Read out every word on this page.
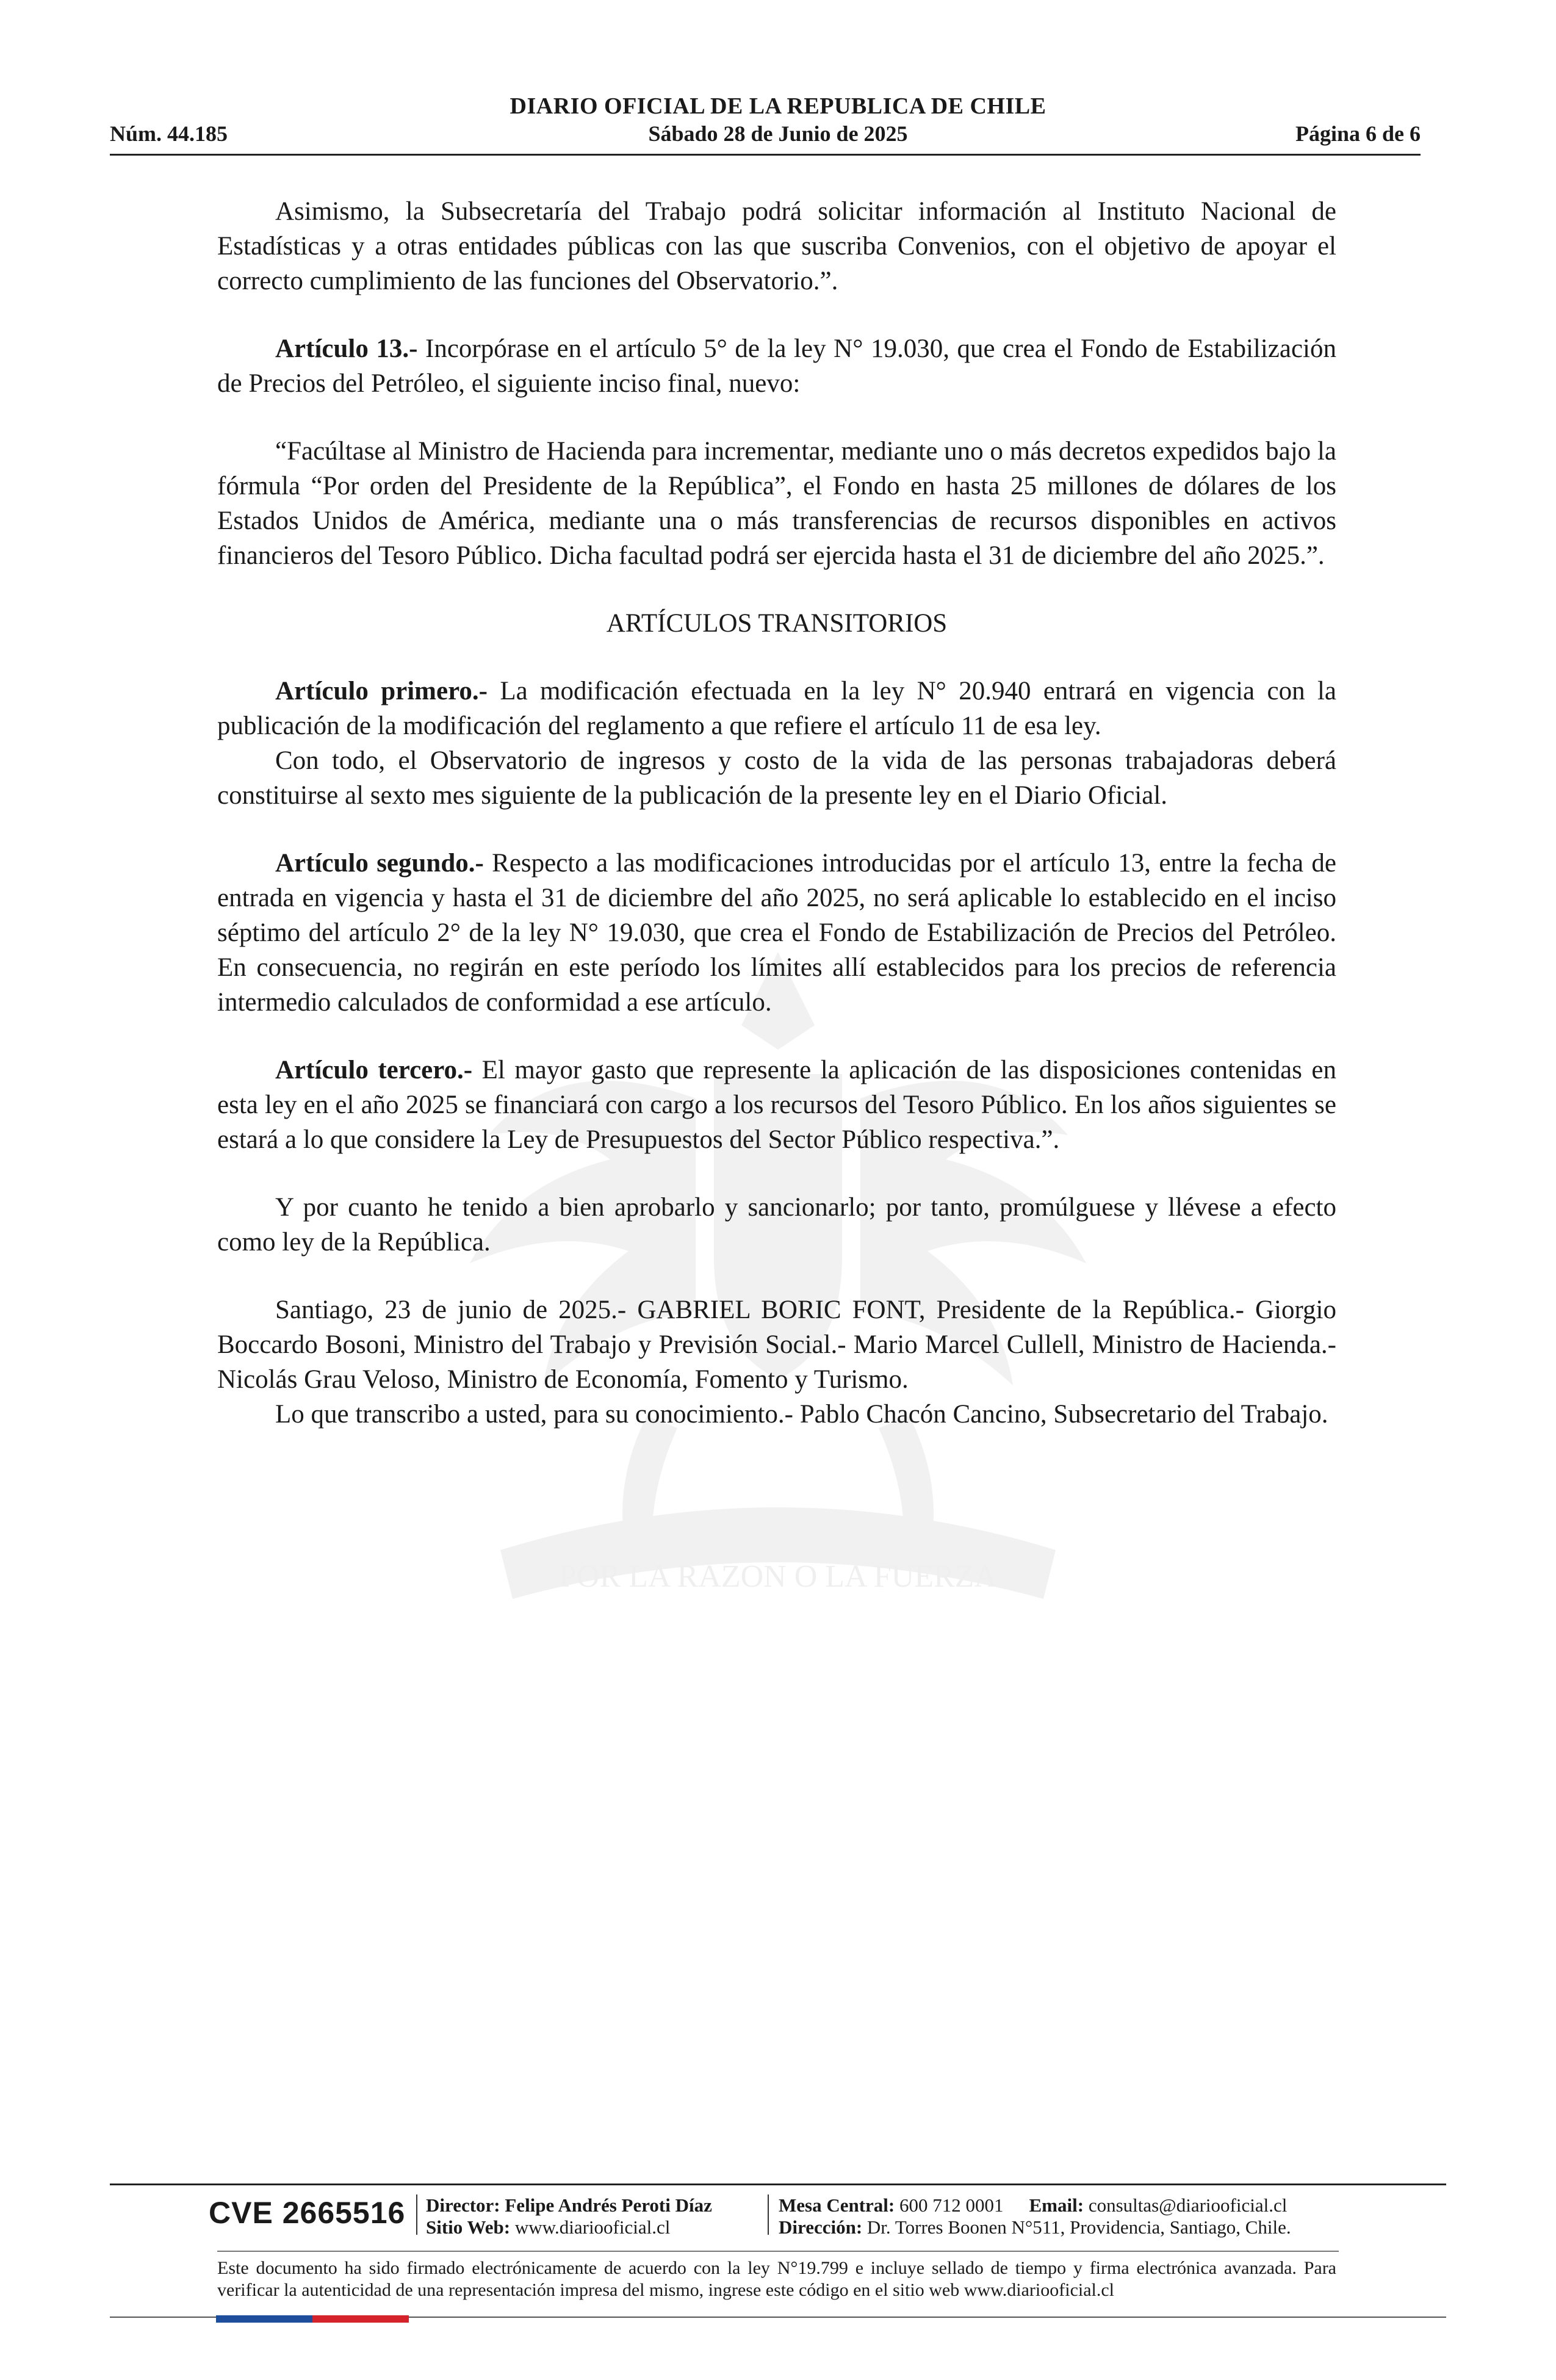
POR LA RAZON O LA FUERZA
DIARIO OFICIAL DE LA REPUBLICA DE CHILE
Núm. 44.185	Sábado 28 de Junio de 2025	Página 6 de 6

Asimismo, la Subsecretaría del Trabajo podrá solicitar información al Instituto Nacional de Estadísticas y a otras entidades públicas con las que suscriba Convenios, con el objetivo de apoyar el correcto cumplimiento de las funciones del Observatorio.”.

Artículo 13.- Incorpórase en el artículo 5° de la ley N° 19.030, que crea el Fondo de Estabilización de Precios del Petróleo, el siguiente inciso final, nuevo:

“Facúltase al Ministro de Hacienda para incrementar, mediante uno o más decretos expedidos bajo la fórmula “Por orden del Presidente de la República”, el Fondo en hasta 25 millones de dólares de los Estados Unidos de América, mediante una o más transferencias de recursos disponibles en activos financieros del Tesoro Público. Dicha facultad podrá ser ejercida hasta el 31 de diciembre del año 2025.”.

ARTÍCULOS TRANSITORIOS

Artículo primero.- La modificación efectuada en la ley N° 20.940 entrará en vigencia con la publicación de la modificación del reglamento a que refiere el artículo 11 de esa ley.

Con todo, el Observatorio de ingresos y costo de la vida de las personas trabajadoras deberá constituirse al sexto mes siguiente de la publicación de la presente ley en el Diario Oficial.

Artículo segundo.- Respecto a las modificaciones introducidas por el artículo 13, entre la fecha de entrada en vigencia y hasta el 31 de diciembre del año 2025, no será aplicable lo establecido en el inciso séptimo del artículo 2° de la ley N° 19.030, que crea el Fondo de Estabilización de Precios del Petróleo. En consecuencia, no regirán en este período los límites allí establecidos para los precios de referencia intermedio calculados de conformidad a ese artículo.

Artículo tercero.- El mayor gasto que represente la aplicación de las disposiciones contenidas en esta ley en el año 2025 se financiará con cargo a los recursos del Tesoro Público. En los años siguientes se estará a lo que considere la Ley de Presupuestos del Sector Público respectiva.”.

Y por cuanto he tenido a bien aprobarlo y sancionarlo; por tanto, promúlguese y llévese a efecto como ley de la República.

Santiago, 23 de junio de 2025.- GABRIEL BORIC FONT, Presidente de la República.- Giorgio Boccardo Bosoni, Ministro del Trabajo y Previsión Social.- Mario Marcel Cullell, Ministro de Hacienda.- Nicolás Grau Veloso, Ministro de Economía, Fomento y Turismo.

Lo que transcribo a usted, para su conocimiento.- Pablo Chacón Cancino, Subsecretario del Trabajo.

CVE 2665516 Director: Felipe Andrés Peroti Díaz
Sitio Web: www.diariooficial.cl
Mesa Central: 600 712 0001 Email: consultas@diariooficial.cl
Dirección: Dr. Torres Boonen N°511, Providencia, Santiago, Chile.
Este documento ha sido firmado electrónicamente de acuerdo con la ley N°19.799 e incluye sellado de tiempo y firma electrónica avanzada. Para verificar la autenticidad de una representación impresa del mismo, ingrese este código en el sitio web www.diariooficial.cl
